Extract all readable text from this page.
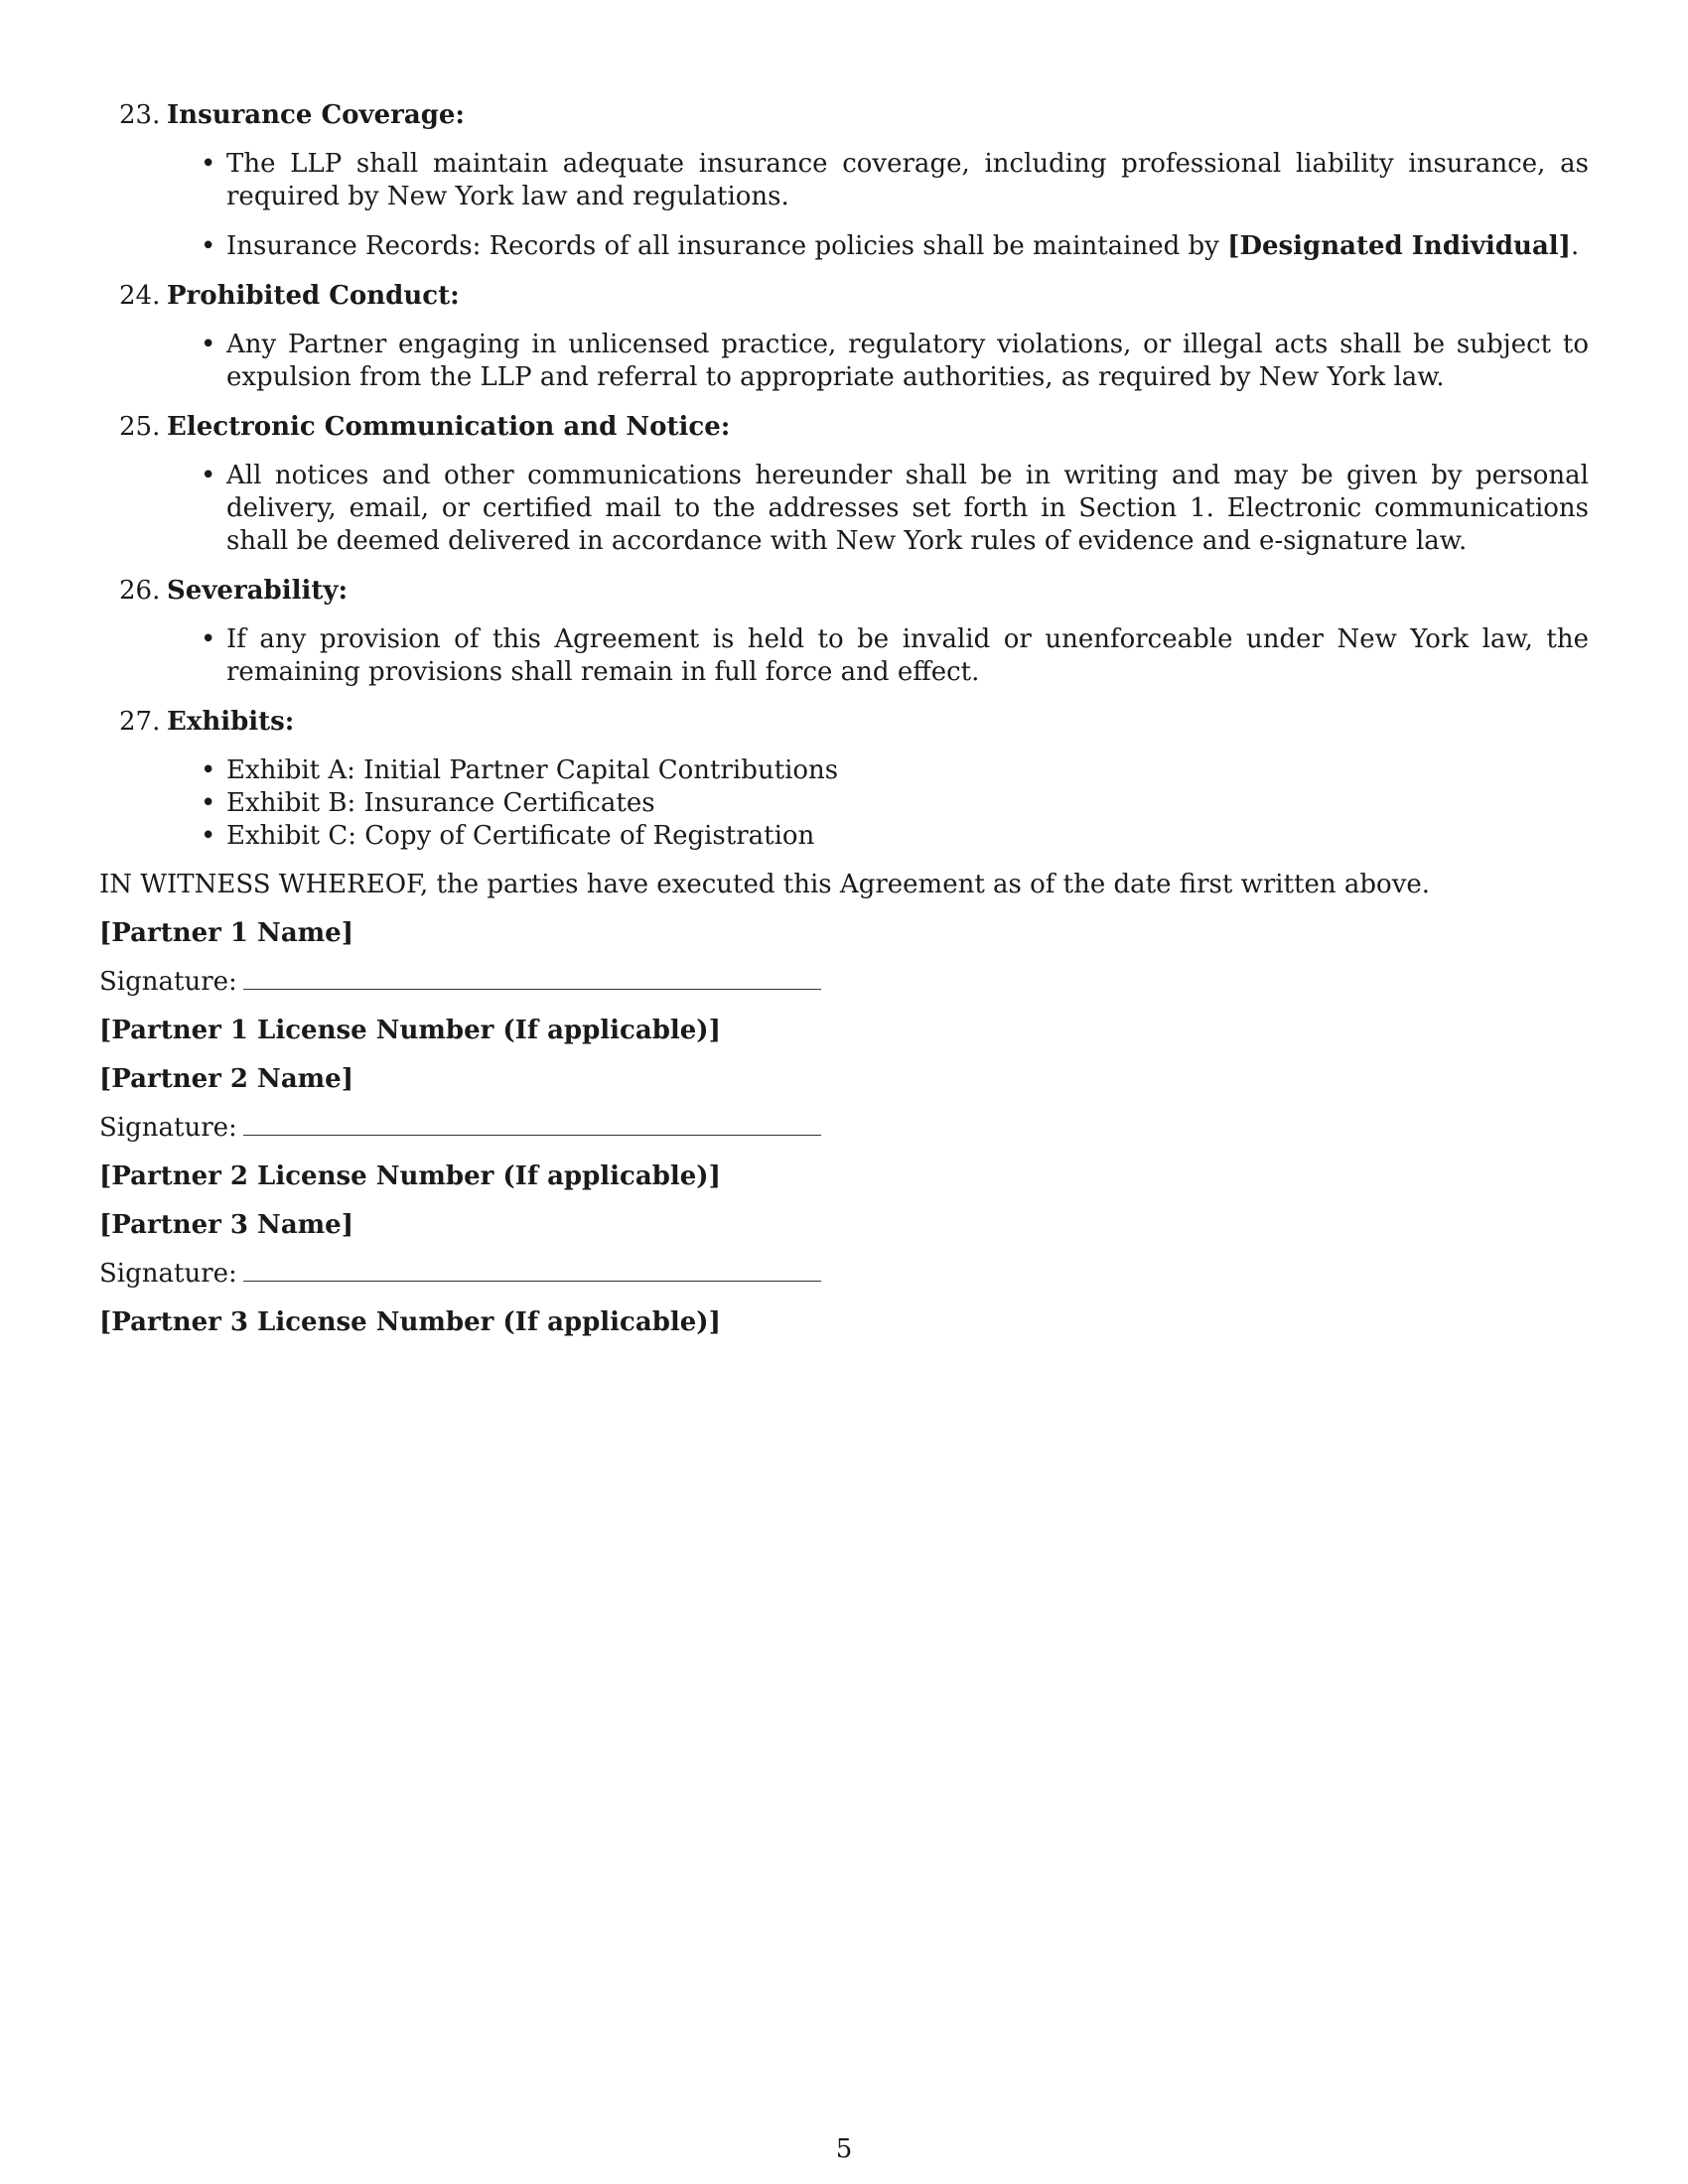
23. Insurance Coverage:
• The LLP shall maintain adequate insurance coverage, including professional liability insurance, as required by New York law and regulations.
• Insurance Records: Records of all insurance policies shall be maintained by [Designated Individual].
24. Prohibited Conduct:
• Any Partner engaging in unlicensed practice, regulatory violations, or illegal acts shall be subject to expulsion from the LLP and referral to appropriate authorities, as required by New York law.
25. Electronic Communication and Notice:
• All notices and other communications hereunder shall be in writing and may be given by personal delivery, email, or certified mail to the addresses set forth in Section 1. Electronic communications shall be deemed delivered in accordance with New York rules of evidence and e-signature law.
26. Severability:
• If any provision of this Agreement is held to be invalid or unenforceable under New York law, the remaining provisions shall remain in full force and effect.
27. Exhibits:
• Exhibit A: Initial Partner Capital Contributions
• Exhibit B: Insurance Certificates
• Exhibit C: Copy of Certificate of Registration

IN WITNESS WHEREOF, the parties have executed this Agreement as of the date first written above.

[Partner 1 Name]

Signature:

[Partner 1 License Number (If applicable)]

[Partner 2 Name]

Signature:

[Partner 2 License Number (If applicable)]

[Partner 3 Name]

Signature:

[Partner 3 License Number (If applicable)]

5
